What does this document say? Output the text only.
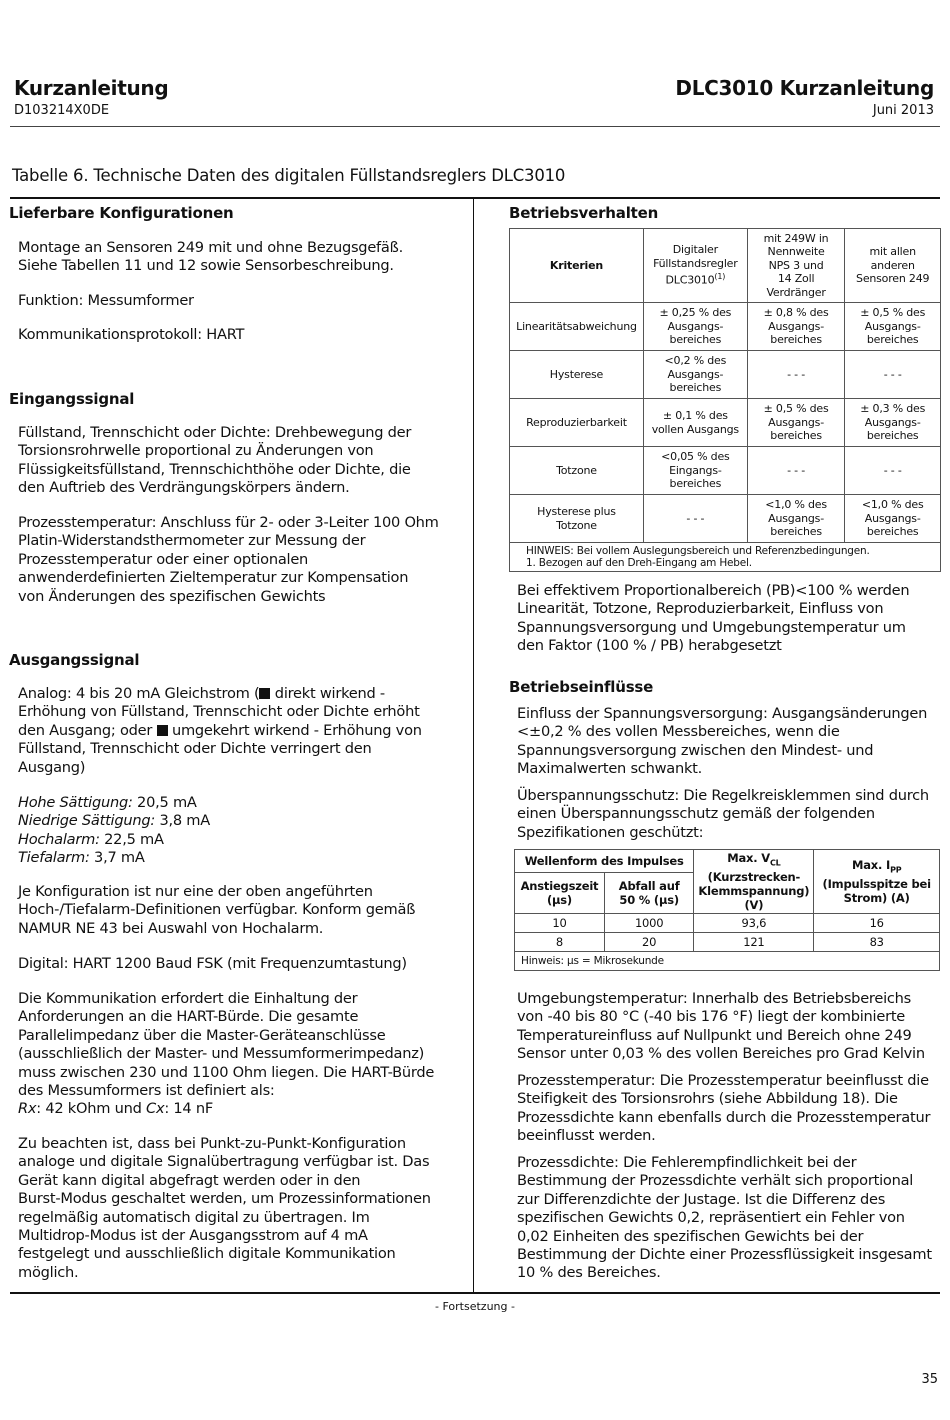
Kurzanleitung
D103214X0DE
DLC3010 Kurzanleitung
Juni 2013
Tabelle 6. Technische Daten des digitalen Füllstandsreglers DLC3010
Lieferbare Konfigurationen

Montage an Sensoren 249 mit und ohne Bezugsgefäß.

Siehe Tabellen 11 und 12 sowie Sensorbeschreibung.

Funktion: Messumformer

Kommunikationsprotokoll: HART

Eingangssignal

Füllstand, Trennschicht oder Dichte: Drehbewegung der

Torsionsrohrwelle proportional zu Änderungen von

Flüssigkeitsfüllstand, Trennschichthöhe oder Dichte, die

den Auftrieb des Verdrängungskörpers ändern.

Prozesstemperatur: Anschluss für 2- oder 3-Leiter 100 Ohm

Platin-Widerstandsthermometer zur Messung der

Prozesstemperatur oder einer optionalen

anwenderdefinierten Zieltemperatur zur Kompensation

von Änderungen des spezifischen Gewichts

Ausgangssignal

Analog: 4 bis 20 mA Gleichstrom ( direkt wirkend -

Erhöhung von Füllstand, Trennschicht oder Dichte erhöht

den Ausgang; oder  umgekehrt wirkend - Erhöhung von

Füllstand, Trennschicht oder Dichte verringert den

Ausgang)

Hohe Sättigung: 20,5 mA

Niedrige Sättigung: 3,8 mA

Hochalarm: 22,5 mA

Tiefalarm: 3,7 mA

Je Konfiguration ist nur eine der oben angeführten

Hoch-/Tiefalarm-Definitionen verfügbar. Konform gemäß

NAMUR NE 43 bei Auswahl von Hochalarm.

Digital: HART 1200 Baud FSK (mit Frequenzumtastung)

Die Kommunikation erfordert die Einhaltung der

Anforderungen an die HART-Bürde. Die gesamte

Parallelimpedanz über die Master-Geräteanschlüsse

(ausschließlich der Master- und Messumformerimpedanz)

muss zwischen 230 und 1100 Ohm liegen. Die HART-Bürde

des Messumformers ist definiert als:

Rx: 42 kOhm und Cx: 14 nF

Zu beachten ist, dass bei Punkt-zu-Punkt-Konfiguration

analoge und digitale Signalübertragung verfügbar ist. Das

Gerät kann digital abgefragt werden oder in den

Burst-Modus geschaltet werden, um Prozessinformationen

regelmäßig automatisch digital zu übertragen. Im

Multidrop-Modus ist der Ausgangsstrom auf 4 mA

festgelegt und ausschließlich digitale Kommunikation

möglich.

Betriebsverhalten
Kriterien	Digitaler
Füllstandsregler
DLC3010$^{(1)}$	mit 249W in
Nennweite
NPS 3 und
14 Zoll
Verdränger	mit allen
anderen
Sensoren 249
Linearitätsabweichung	± 0,25 % des
Ausgangs-
bereiches	± 0,8 % des
Ausgangs-
bereiches	± 0,5 % des
Ausgangs-
bereiches
Hysterese	<0,2 % des
Ausgangs-
bereiches	- - -	- - -
Reproduzierbarkeit	± 0,1 % des
vollen Ausgangs	± 0,5 % des
Ausgangs-
bereiches	± 0,3 % des
Ausgangs-
bereiches
Totzone	<0,05 % des
Eingangs-
bereiches	- - -	- - -
Hysterese plus
Totzone	- - -	<1,0 % des
Ausgangs-
bereiches	<1,0 % des
Ausgangs-
bereiches

HINWEIS: Bei vollem Auslegungsbereich und Referenzbedingungen.
1. Bezogen auf den Dreh-Eingang am Hebel.			

Bei effektivem Proportionalbereich (PB)<100 % werden

Linearität, Totzone, Reproduzierbarkeit, Einfluss von

Spannungsversorgung und Umgebungstemperatur um

den Faktor (100 % / PB) herabgesetzt

Betriebseinflüsse

Einfluss der Spannungsversorgung: Ausgangsänderungen

<±0,2 % des vollen Messbereiches, wenn die

Spannungsversorgung zwischen den Mindest- und

Maximalwerten schwankt.

Überspannungsschutz: Die Regelkreisklemmen sind durch

einen Überspannungsschutz gemäß der folgenden

Spezifikationen geschützt:

Wellenform des Impulses		Max. $V_{CL}$
(Kurzstrecken-
Klemmspannung)
(V)	Max. $I_{PP}$
(Impulsspitze bei
Strom) (A)
Anstiegszeit
(µs)	Abfall auf
50 % (µs)		
10	1000	93,6	16
8	20	121	83
Hinweis: µs = Mikrosekunde			

Umgebungstemperatur: Innerhalb des Betriebsbereichs

von -40 bis 80 °C (-40 bis 176 °F) liegt der kombinierte

Temperatureinfluss auf Nullpunkt und Bereich ohne 249

Sensor unter 0,03 % des vollen Bereiches pro Grad Kelvin

Prozesstemperatur: Die Prozesstemperatur beeinflusst die

Steifigkeit des Torsionsrohrs (siehe Abbildung 18). Die

Prozessdichte kann ebenfalls durch die Prozesstemperatur

beeinflusst werden.

Prozessdichte: Die Fehlerempfindlichkeit bei der

Bestimmung der Prozessdichte verhält sich proportional

zur Differenzdichte der Justage. Ist die Differenz des

spezifischen Gewichts 0,2, repräsentiert ein Fehler von

0,02 Einheiten des spezifischen Gewichts bei der

Bestimmung der Dichte einer Prozessflüssigkeit insgesamt

10 % des Bereiches.

- Fortsetzung -
35
